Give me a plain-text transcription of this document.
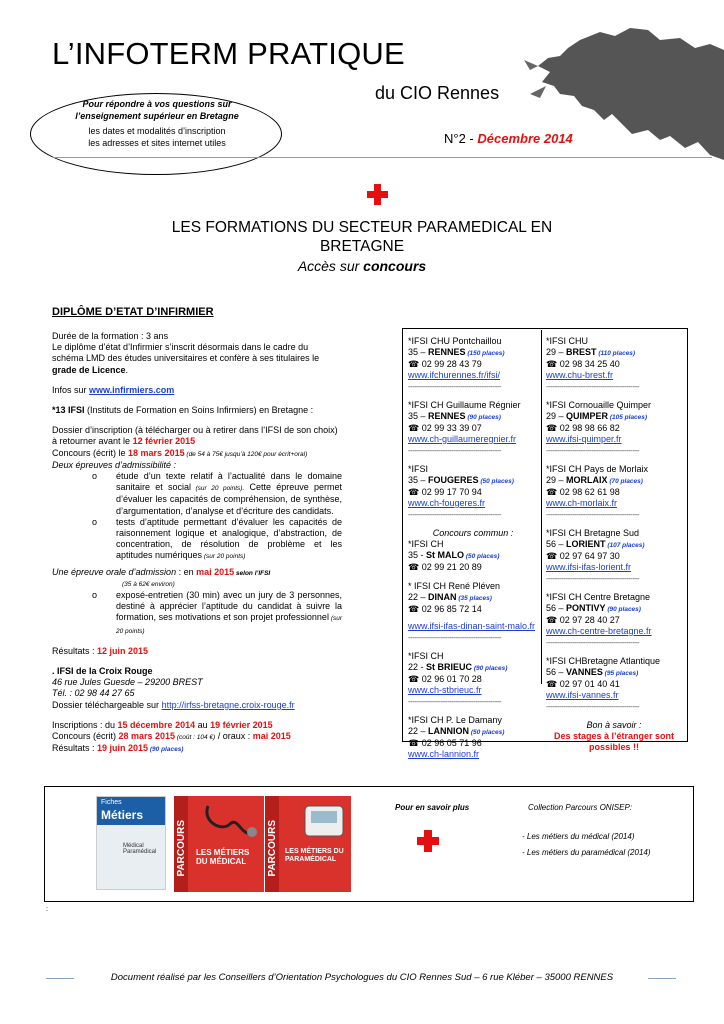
L’INFOTERM PRATIQUE
du CIO Rennes
Pour répondre à vos questions sur l’enseignement supérieur en Bretagne
les dates et modalités d’inscription
les adresses et sites internet utiles	N°2 - Décembre 2014
LES FORMATIONS DU SECTEUR PARAMEDICAL EN BRETAGNE
Accès sur concours
DIPLÔME D’ETAT D’INFIRMIER

Durée de la formation : 3 ans

Le diplôme d’état d’Infirmier s’inscrit désormais dans le cadre du schéma LMD des études universitaires et confère à ses titulaires le grade de Licence.

Infos sur www.infirmiers.com

*13 IFSI (Instituts de Formation en Soins Infirmiers) en Bretagne :

Dossier d’inscription (à télécharger ou à retirer dans l’IFSI de son choix) à retourner avant le 12 février 2015

Concours (écrit) le 18 mars 2015 (de 54 à 75€ jusqu’à 120€ pour écrit+oral)

Deux épreuves d’admissibilité :

o étude d’un texte relatif à l’actualité dans le domaine sanitaire et social (sur 20 points). Cette épreuve permet d’évaluer les capacités de compréhension, de synthèse, d’argumentation, d’analyse et d’écriture des candidats.
o tests d’aptitude permettant d’évaluer les capacités de raisonnement logique et analogique, d’abstraction, de concentration, de résolution de problème et les aptitudes numériques (sur 20 points)

Une épreuve orale d’admission : en mai 2015 selon l’IFSI

(35 à 62€ environ)

o exposé-entretien (30 min) avec un jury de 3 personnes, destiné à apprécier l’aptitude du candidat à suivre la formation, ses motivations et son projet professionnel (sur 20 points)

Résultats : 12 juin 2015

. IFSI de la Croix Rouge

46 rue Jules Guesde – 29200 BREST

Tél. : 02 98 44 27 65

Dossier téléchargeable sur http://irfss-bretagne.croix-rouge.fr

Inscriptions : du 15 décembre 2014 au 19 février 2015

Concours (écrit) 28 mars 2015 (coût : 104 €) / oraux : mai 2015

Résultats : 19 juin 2015 (90 places)

*IFSI CHU Pontchaillou
35 – RENNES (150 places)
☎ 02 99 28 43 79
www.ifchurennes.fr/ifsi/
-------------------------------------------
*IFSI CH Guillaume Régnier
35 – RENNES (90 places)
☎ 02 99 33 39 07
www.ch-guillaumeregnier.fr
-------------------------------------------
*IFSI
35 – FOUGERES (50 places)
☎ 02 99 17 70 94
www.ch-fougeres.fr
-------------------------------------------
Concours commun :
*IFSI CH
35 - St MALO (50 places)
☎ 02 99 21 20 89
* IFSI CH René Pléven
22 – DINAN (35 places)
☎ 02 96 85 72 14
www.ifsi-ifas-dinan-saint-malo.fr
-------------------------------------------
*IFSI CH
22 - St BRIEUC (90 places)
☎ 02 96 01 70 28
www.ch-stbrieuc.fr
-------------------------------------------
*IFSI CH P. Le Damany
22 – LANNION (50 places)
☎ 02 96 05 71 96
www.ch-lannion.fr
*IFSI CHU
29 – BREST (110 places)
☎ 02 98 34 25 40
www.chu-brest.fr
-------------------------------------------
*IFSI Cornouaille Quimper
29 – QUIMPER (105 places)
☎ 02 98 98 66 82
www.ifsi-quimper.fr
-------------------------------------------
*IFSI CH Pays de Morlaix
29 – MORLAIX (70 places)
☎ 02 98 62 61 98
www.ch-morlaix.fr
-------------------------------------------
*IFSI CH Bretagne Sud
56 – LORIENT (107 places)
☎ 02 97 64 97 30
www.ifsi-ifas-lorient.fr
-------------------------------------------
*IFSI CH Centre Bretagne
56 – PONTIVY (90 places)
☎ 02 97 28 40 27
www.ch-centre-bretagne.fr
-------------------------------------------
*IFSI CHBretagne Atlantique
56 – VANNES (95 places)
☎ 02 97 01 40 41
www.ifsi-vannes.fr
-------------------------------------------
Bon à savoir :
Des stages à l’étranger sont possibles !!
Fiches
Métiers
Médical Paramédical	PARCOURS LES MÉTIERS DU MÉDICAL	PARCOURS LES MÉTIERS DU PARAMÉDICAL
Pour en savoir plus	Collection Parcours ONISEP:
- Les métiers du médical (2014)
- Les métiers du paramédical (2014)
:
Document réalisé par les Conseillers d’Orientation Psychologues du CIO Rennes Sud – 6 rue Kléber – 35000 RENNES
